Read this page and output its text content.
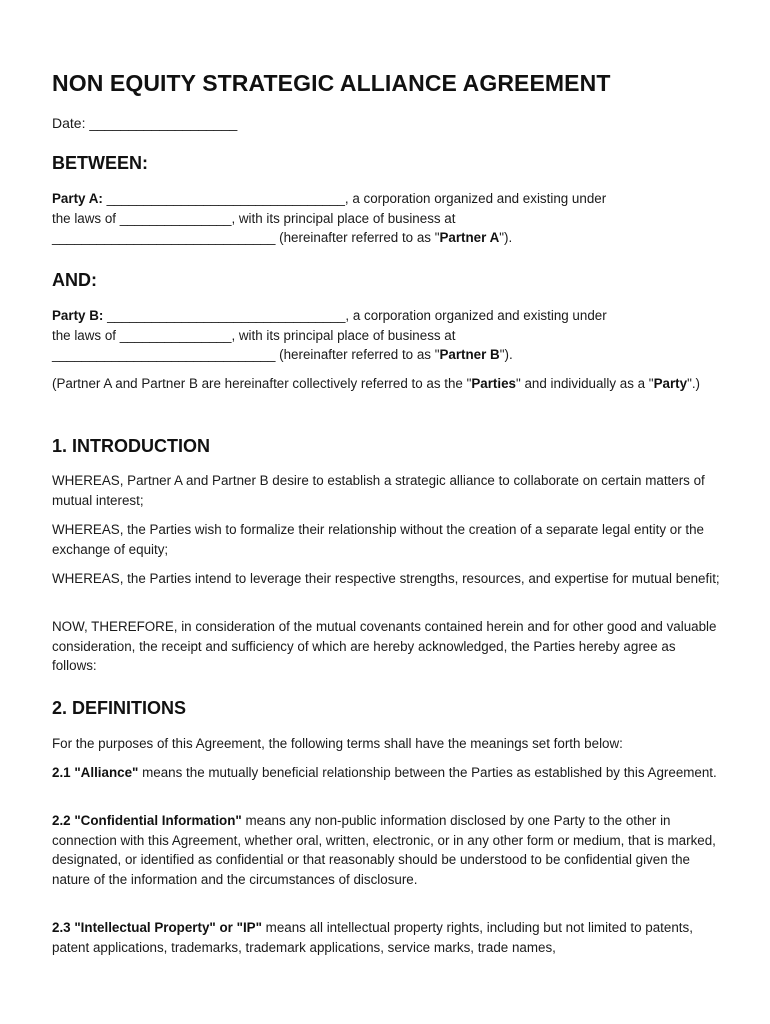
NON EQUITY STRATEGIC ALLIANCE AGREEMENT
Date: ___________________
BETWEEN:

Party A: ________________________________, a corporation organized and existing under
the laws of _______________, with its principal place of business at
______________________________ (hereinafter referred to as "Partner A").

AND:

Party B: ________________________________, a corporation organized and existing under
the laws of _______________, with its principal place of business at
______________________________ (hereinafter referred to as "Partner B").

(Partner A and Partner B are hereinafter collectively referred to as the "Parties" and individually as a "Party".)

1. INTRODUCTION

WHEREAS, Partner A and Partner B desire to establish a strategic alliance to collaborate on certain matters of mutual interest;

WHEREAS, the Parties wish to formalize their relationship without the creation of a separate legal entity or the exchange of equity;

WHEREAS, the Parties intend to leverage their respective strengths, resources, and expertise for mutual benefit;

NOW, THEREFORE, in consideration of the mutual covenants contained herein and for other good and valuable consideration, the receipt and sufficiency of which are hereby acknowledged, the Parties hereby agree as follows:

2. DEFINITIONS

For the purposes of this Agreement, the following terms shall have the meanings set forth below:

2.1 "Alliance" means the mutually beneficial relationship between the Parties as established by this Agreement.

2.2 "Confidential Information" means any non-public information disclosed by one Party to the other in connection with this Agreement, whether oral, written, electronic, or in any other form or medium, that is marked, designated, or identified as confidential or that reasonably should be understood to be confidential given the nature of the information and the circumstances of disclosure.

2.3 "Intellectual Property" or "IP" means all intellectual property rights, including but not limited to patents, patent applications, trademarks, trademark applications, service marks, trade names,
